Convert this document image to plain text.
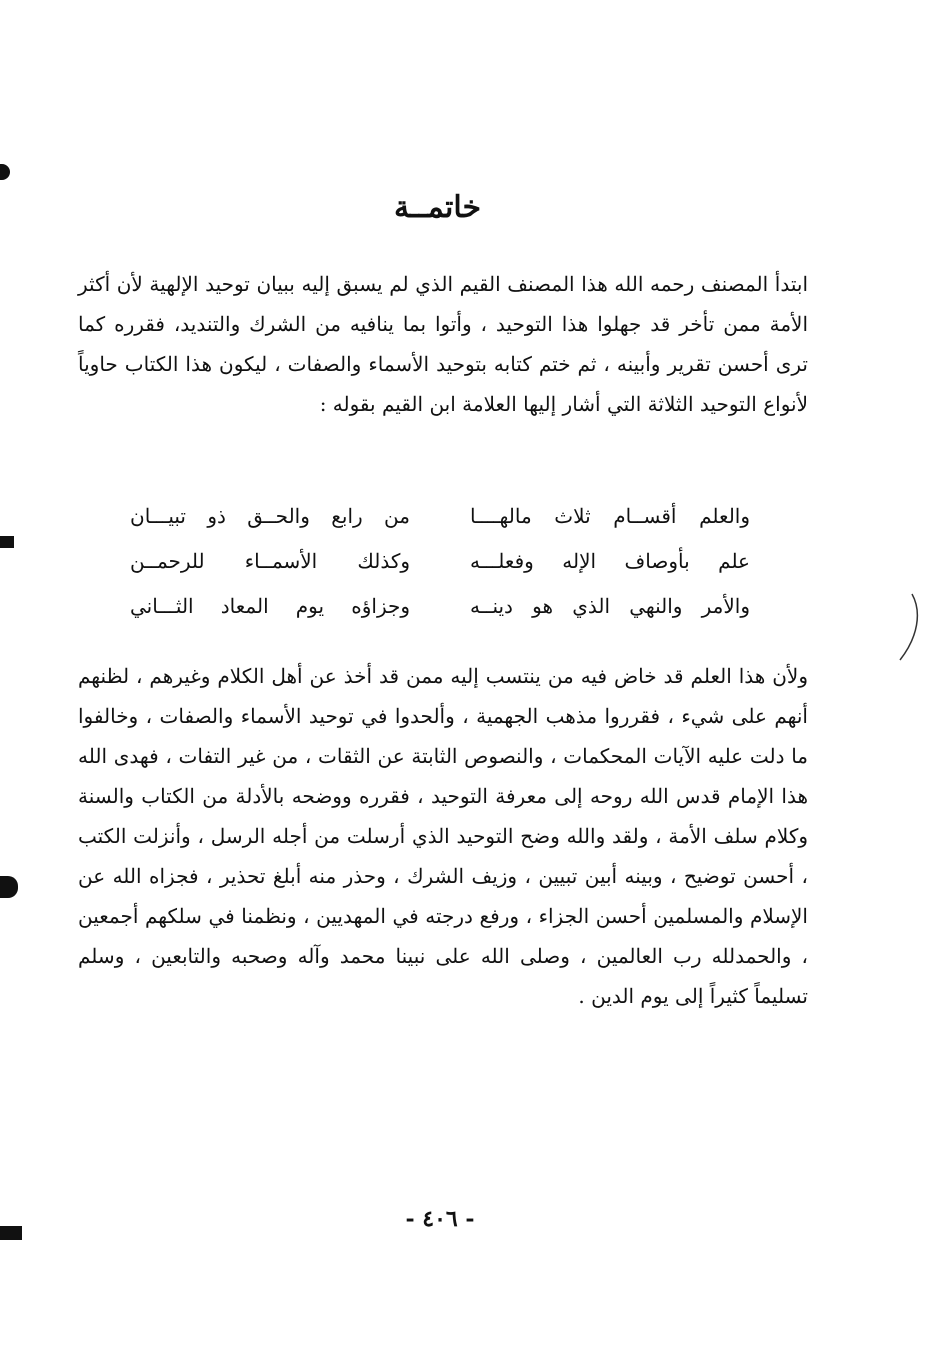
خاتمــة

ابتدأ المصنف رحمه الله هذا المصنف القيم الذي لم يسبق إليه ببيان توحيد الإلهية لأن أكثر الأمة ممن تأخر قد جهلوا هذا التوحيد ، وأتوا بما ينافيه من الشرك والتنديد، فقرره كما ترى أحسن تقرير وأبينه ، ثم ختم كتابه بتوحيد الأسماء والصفات ، ليكون هذا الكتاب حاوياً لأنواع التوحيد الثلاثة التي أشار إليها العلامة ابن القيم بقوله :

والعلم أقســام ثلاث مالهــــا
من رابع والحــق ذو تبيـــان
علم بأوصاف الإله وفعلـــه
وكذلك الأسمــاء للرحمــن
والأمر والنهي الذي هو دينــه
وجزاؤه يوم المعاد الثـــاني

ولأن هذا العلم قد خاض فيه من ينتسب إليه ممن قد أخذ عن أهل الكلام وغيرهم ، لظنهم أنهم على شيء ، فقرروا مذهب الجهمية ، وألحدوا في توحيد الأسماء والصفات ، وخالفوا ما دلت عليه الآيات المحكمات ، والنصوص الثابتة عن الثقات ، من غير التفات ، فهدى الله هذا الإمام قدس الله روحه إلى معرفة التوحيد ، فقرره ووضحه بالأدلة من الكتاب والسنة وكلام سلف الأمة ، ولقد والله وضح التوحيد الذي أرسلت من أجله الرسل ، وأنزلت الكتب ، أحسن توضيح ، وبينه أبين تبيين ، وزيف الشرك ، وحذر منه أبلغ تحذير ، فجزاه الله عن الإسلام والمسلمين أحسن الجزاء ، ورفع درجته في المهديين ، ونظمنا في سلكهم أجمعين ، والحمدلله رب العالمين ، وصلى الله على نبينا محمد وآله وصحبه والتابعين ، وسلم تسليماً كثيراً إلى يوم الدين .

- ٤٠٦ -
